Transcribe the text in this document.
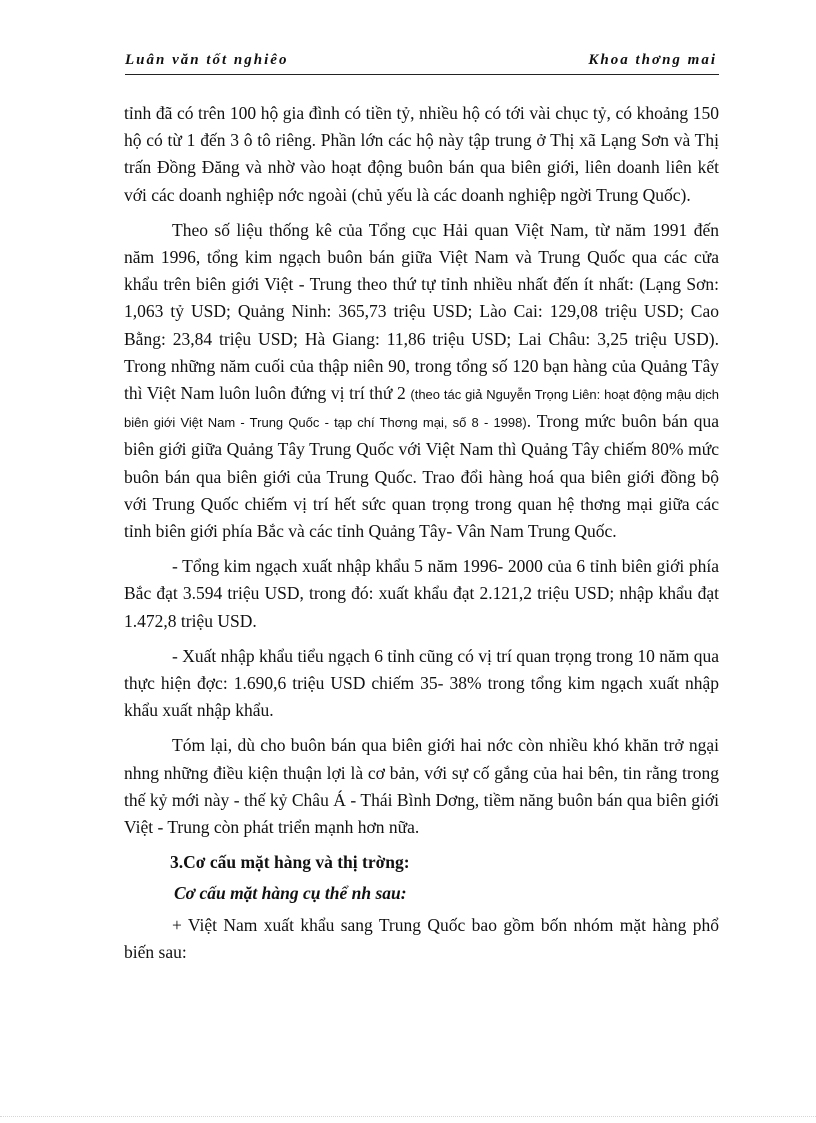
Luân văn tốt nghiêo	Khoa thơng mai

tỉnh đã có trên 100 hộ gia đình có tiền tỷ, nhiều hộ có tới vài chục tỷ, có khoảng 150 hộ có từ 1 đến 3 ô tô riêng. Phần lớn các hộ này tập trung ở Thị xã Lạng Sơn và Thị trấn Đồng Đăng và nhờ vào hoạt động buôn bán qua biên giới, liên doanh liên kết với các doanh nghiệp nớc ngoài (chủ yếu là các doanh nghiệp ngời Trung Quốc).

Theo số liệu thống kê của Tổng cục Hải quan Việt Nam, từ năm 1991 đến năm 1996, tổng kim ngạch buôn bán giữa Việt Nam và Trung Quốc qua các cửa khẩu trên biên giới Việt - Trung theo thứ tự tỉnh nhiều nhất đến ít nhất: (Lạng Sơn: 1,063 tỷ USD; Quảng Ninh: 365,73 triệu USD; Lào Cai: 129,08 triệu USD; Cao Bằng: 23,84 triệu USD; Hà Giang: 11,86 triệu USD; Lai Châu: 3,25 triệu USD). Trong những năm cuối của thập niên 90, trong tổng số 120 bạn hàng của Quảng Tây thì Việt Nam luôn luôn đứng vị trí thứ 2 (theo tác giả Nguyễn Trọng Liên: hoạt động mậu dịch biên giới Việt Nam - Trung Quốc - tạp chí Thơng mại, số 8 - 1998). Trong mức buôn bán qua biên giới giữa Quảng Tây Trung Quốc với Việt Nam thì Quảng Tây chiếm 80% mức buôn bán qua biên giới của Trung Quốc. Trao đổi hàng hoá qua biên giới đồng bộ với Trung Quốc chiếm vị trí hết sức quan trọng trong quan hệ thơng mại giữa các tỉnh biên giới phía Bắc và các tỉnh Quảng Tây- Vân Nam Trung Quốc.

- Tổng kim ngạch xuất nhập khẩu 5 năm 1996- 2000 của 6 tỉnh biên giới phía Bắc đạt 3.594 triệu USD, trong đó: xuất khẩu đạt 2.121,2 triệu USD; nhập khẩu đạt 1.472,8 triệu USD.

- Xuất nhập khẩu tiểu ngạch 6 tỉnh cũng có vị trí quan trọng trong 10 năm qua thực hiện đợc: 1.690,6 triệu USD chiếm 35- 38% trong tổng kim ngạch xuất nhập khẩu xuất nhập khẩu.

Tóm lại, dù cho buôn bán qua biên giới hai nớc còn nhiều khó khăn trở ngại nhng những điều kiện thuận lợi là cơ bản, với sự cố gắng của hai bên, tin rằng trong thế kỷ mới này - thế kỷ Châu Á - Thái Bình Dơng, tiềm năng buôn bán qua biên giới Việt - Trung còn phát triển mạnh hơn nữa.

3.Cơ cấu mặt hàng và thị trờng:

Cơ cấu mặt hàng cụ thể nh sau:

+ Việt Nam xuất khẩu sang Trung Quốc bao gồm bốn nhóm mặt hàng phổ biến sau:
